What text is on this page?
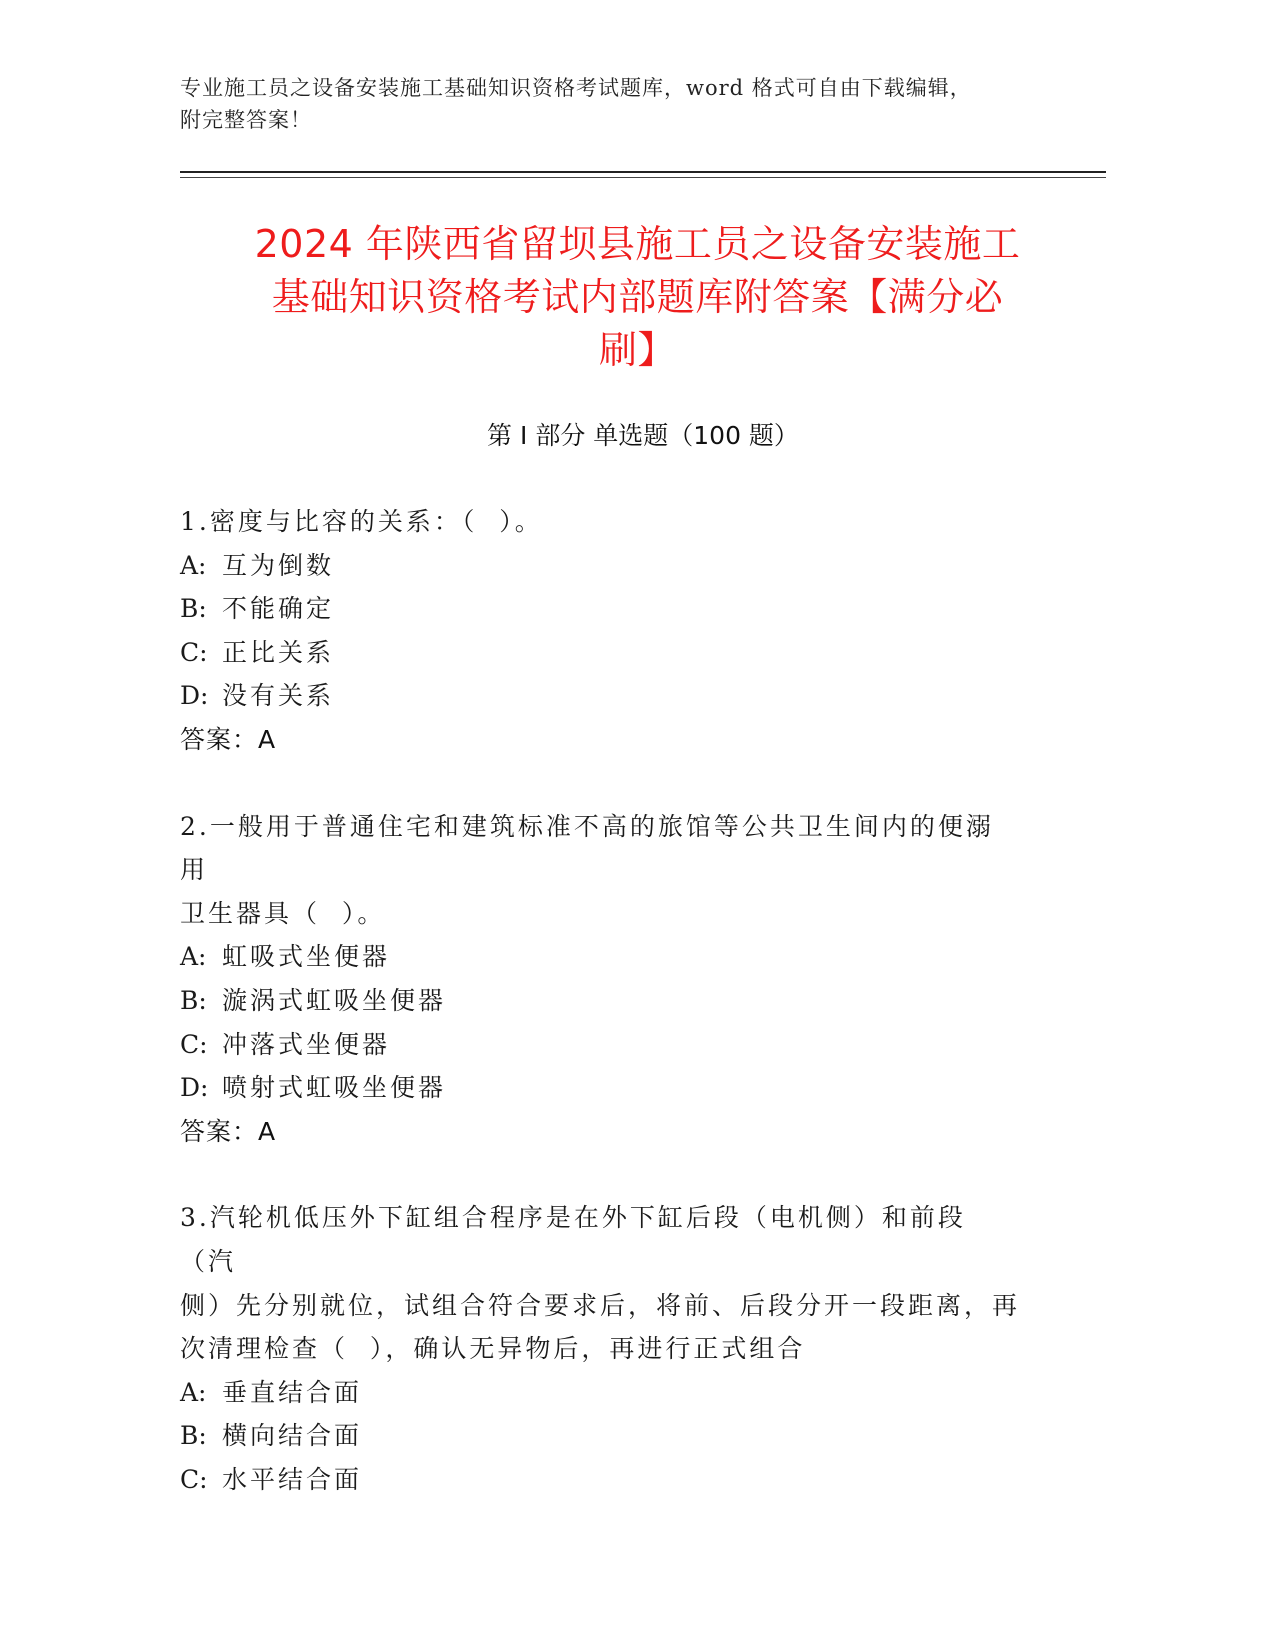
专业施工员之设备安装施工基础知识资格考试题库，word 格式可自由下载编辑，
附完整答案！
2024 年陕西省留坝县施工员之设备安装施工
基础知识资格考试内部题库附答案【满分必
刷】
第 I 部分 单选题（100 题）
1.密度与比容的关系：（  ）。
A: 互为倒数
B: 不能确定
C: 正比关系
D: 没有关系
答案：A
2.一般用于普通住宅和建筑标准不高的旅馆等公共卫生间内的便溺用
卫生器具（  ）。
A: 虹吸式坐便器
B: 漩涡式虹吸坐便器
C: 冲落式坐便器
D: 喷射式虹吸坐便器
答案：A
3.汽轮机低压外下缸组合程序是在外下缸后段（电机侧）和前段（汽
侧）先分别就位，试组合符合要求后，将前、后段分开一段距离，再
次清理检查（  ），确认无异物后，再进行正式组合
A: 垂直结合面
B: 横向结合面
C: 水平结合面
